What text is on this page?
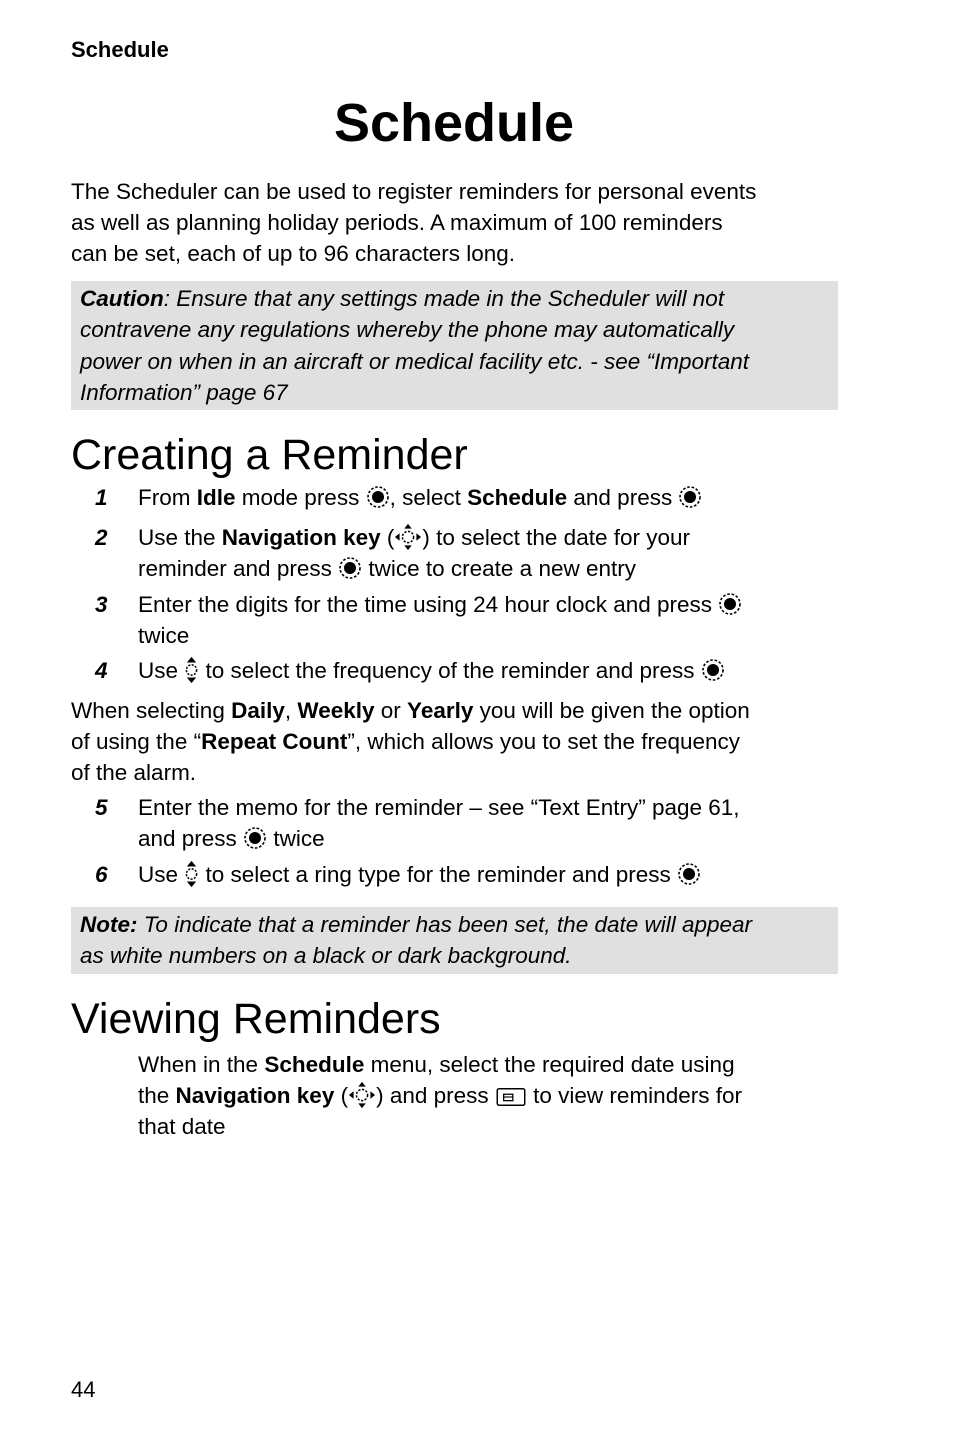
Schedule
Schedule
The Scheduler can be used to register reminders for personal events
as well as planning holiday periods. A maximum of 100 reminders
can be set, each of up to 96 characters long.
Caution: Ensure that any settings made in the Scheduler will not
contravene any regulations whereby the phone may automatically
power on when in an aircraft or medical facility etc. - see “Important
Information” page 67
Creating a Reminder
1 From Idle mode press , select Schedule and press
2 Use the Navigation key ( ) to select the date for your
reminder and press  twice to create a new entry
3 Enter the digits for the time using 24 hour clock and press
twice
4 Use  to select the frequency of the reminder and press
When selecting Daily, Weekly or Yearly you will be given the option
of using the “Repeat Count”, which allows you to set the frequency
of the alarm.
5 Enter the memo for the reminder – see “Text Entry” page 61,
and press  twice
6 Use  to select a ring type for the reminder and press
Note: To indicate that a reminder has been set, the date will appear
as white numbers on a black or dark background.
Viewing Reminders
When in the Schedule menu, select the required date using
the Navigation key ( ) and press  to view reminders for
that date
44
